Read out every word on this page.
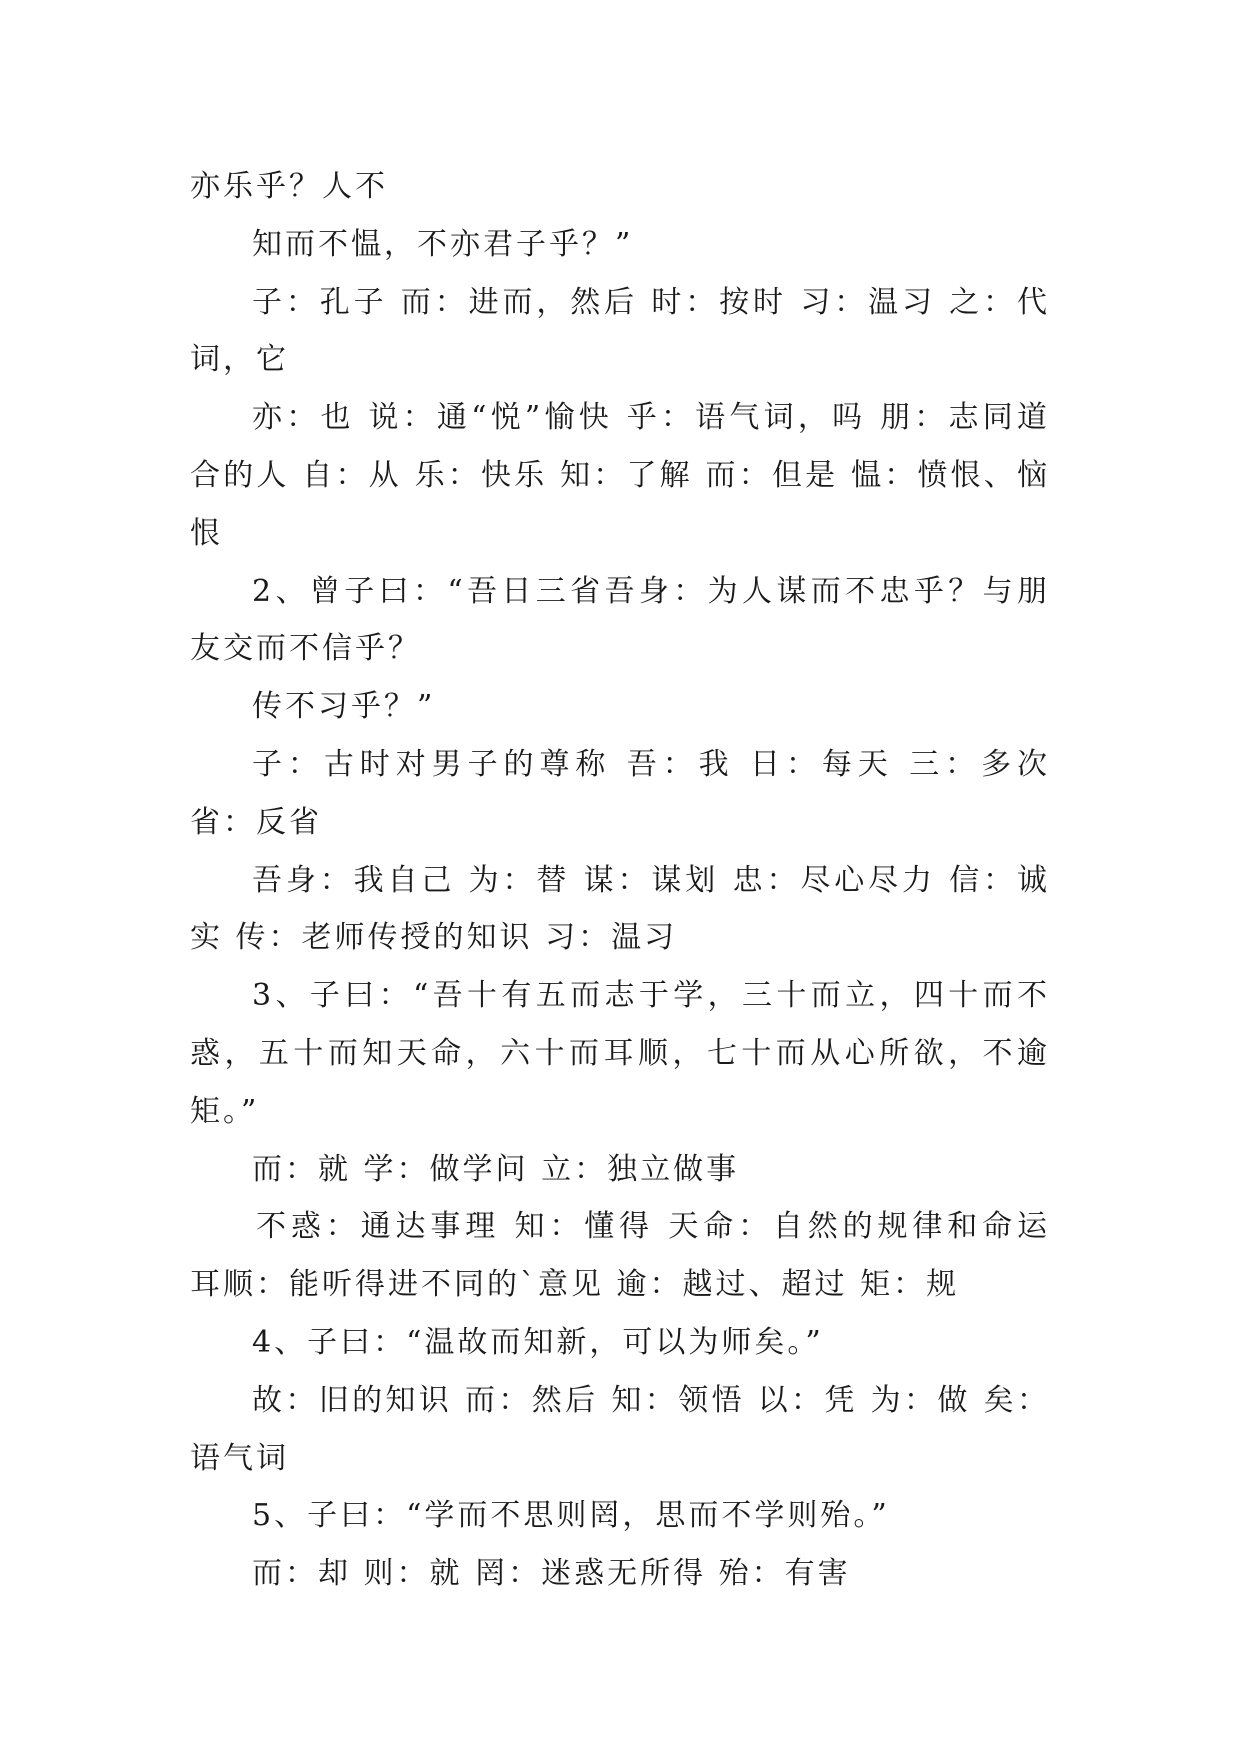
亦乐乎？人不

知而不愠，不亦君子乎？”

子：孔子 而：进而，然后 时：按时 习：温习 之：代词，它

亦：也 说：通“悦”愉快 乎：语气词，吗 朋：志同道合的人 自：从 乐：快乐 知：了解 而：但是 愠：愤恨、恼恨

2、曾子曰：“吾日三省吾身：为人谋而不忠乎？与朋友交而不信乎？

传不习乎？”

子：古时对男子的尊称 吾：我 日：每天 三：多次 省：反省

吾身：我自己 为：替 谋：谋划 忠：尽心尽力 信：诚实 传：老师传授的知识 习：温习

3、子曰：“吾十有五而志于学，三十而立，四十而不惑，五十而知天命，六十而耳顺，七十而从心所欲，不逾矩。”

而：就 学：做学问 立：独立做事

不惑：通达事理 知：懂得 天命：自然的规律和命运 耳顺：能听得进不同的`意见 逾：越过、超过 矩：规

4、子曰：“温故而知新，可以为师矣。”

故：旧的知识 而：然后 知：领悟 以：凭 为：做 矣：语气词

5、子曰：“学而不思则罔，思而不学则殆。”

而：却 则：就 罔：迷惑无所得 殆：有害
